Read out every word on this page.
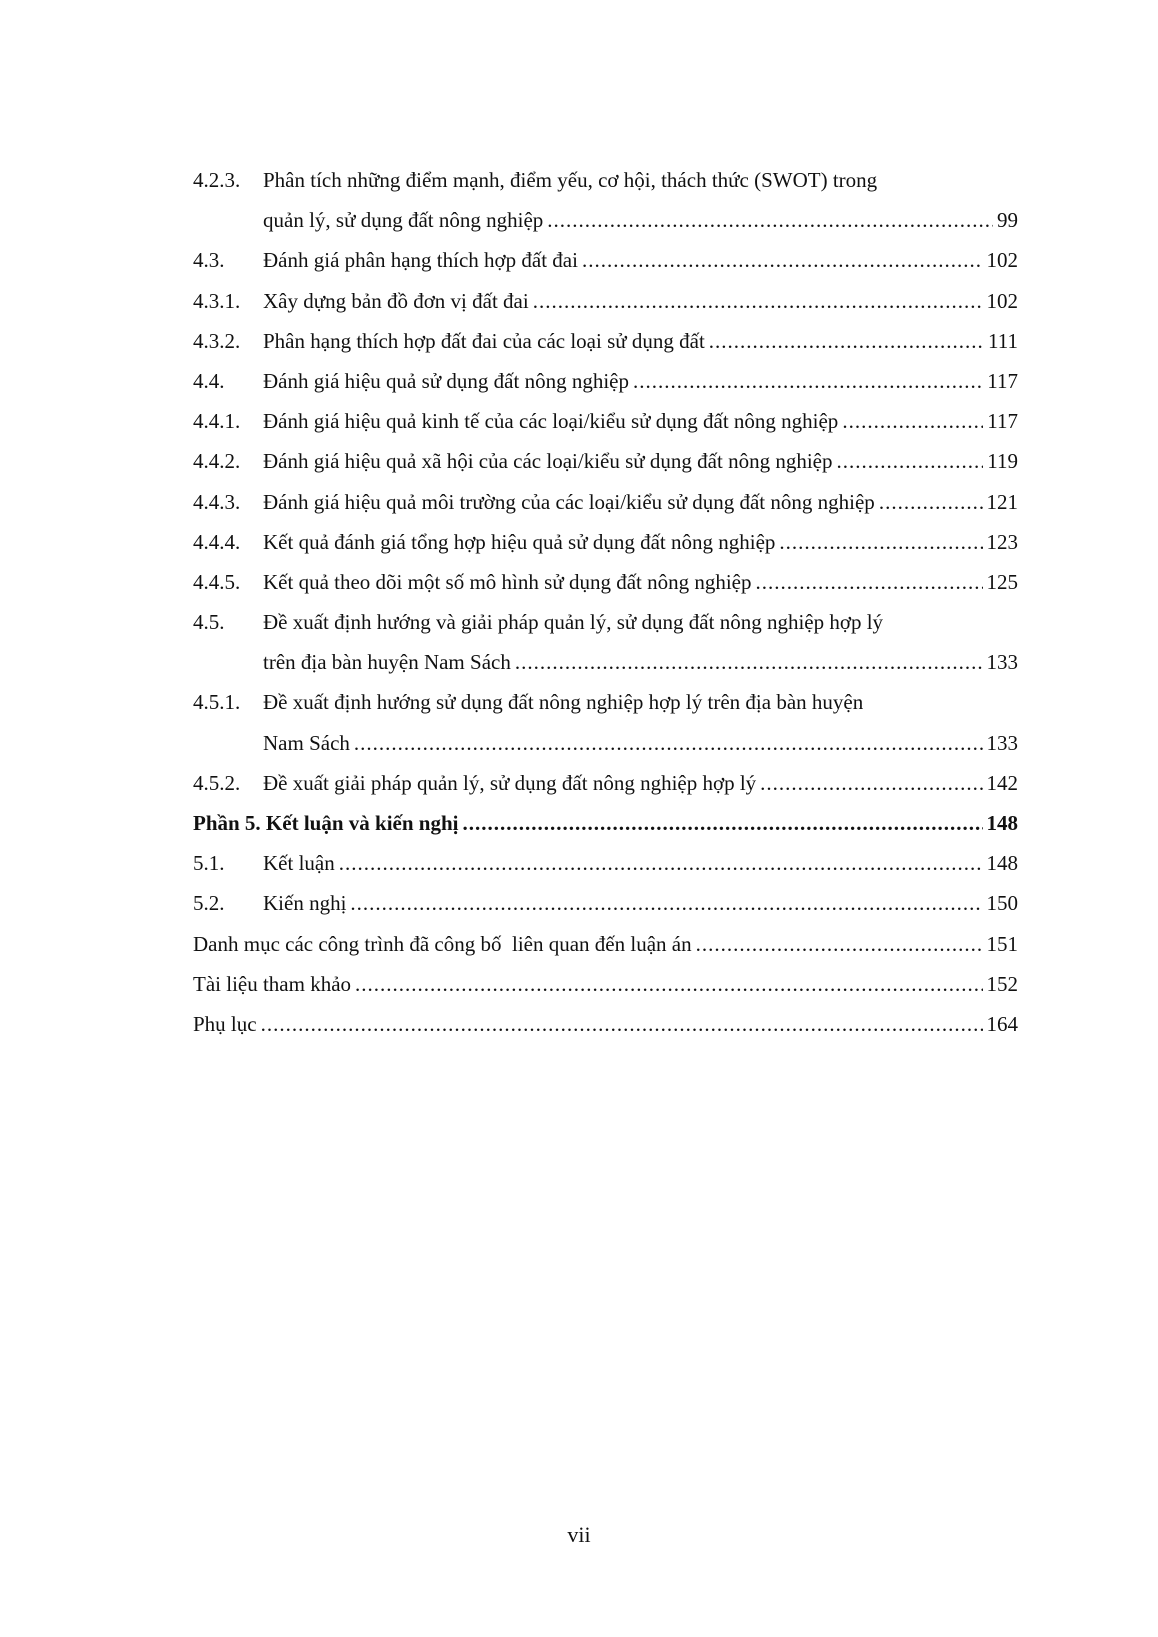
4.2.3.	Phân tích những điểm mạnh, điểm yếu, cơ hội, thách thức (SWOT) trong
quản lý, sử dụng đất nông nghiệp .....	99
4.3.	Đánh giá phân hạng thích hợp đất đai .....	102
4.3.1.	Xây dựng bản đồ đơn vị đất đai .....	102
4.3.2.	Phân hạng thích hợp đất đai của các loại sử dụng đất .....	111
4.4.	Đánh giá hiệu quả sử dụng đất nông nghiệp .....	117
4.4.1.	Đánh giá hiệu quả kinh tế của các loại/kiểu sử dụng đất nông nghiệp .....	117
4.4.2.	Đánh giá hiệu quả xã hội của các loại/kiểu sử dụng đất nông nghiệp .....	119
4.4.3.	Đánh giá hiệu quả môi trường của các loại/kiểu sử dụng đất nông nghiệp .....	121
4.4.4.	Kết quả đánh giá tổng hợp hiệu quả sử dụng đất nông nghiệp .....	123
4.4.5.	Kết quả theo dõi một số mô hình sử dụng đất nông nghiệp .....	125
4.5.	Đề xuất định hướng và giải pháp quản lý, sử dụng đất nông nghiệp hợp lý
trên địa bàn huyện Nam Sách .....	133
4.5.1.	Đề xuất định hướng sử dụng đất nông nghiệp hợp lý trên địa bàn huyện
Nam Sách .....	133
4.5.2.	Đề xuất giải pháp quản lý, sử dụng đất nông nghiệp hợp lý .....	142
Phần 5. Kết luận và kiến nghị .....	148
5.1.	Kết luận .....	148
5.2.	Kiến nghị .....	150
Danh mục các công trình đã công bố  liên quan đến luận án .....	151
Tài liệu tham khảo .....	152
Phụ lục .....	164
vii
